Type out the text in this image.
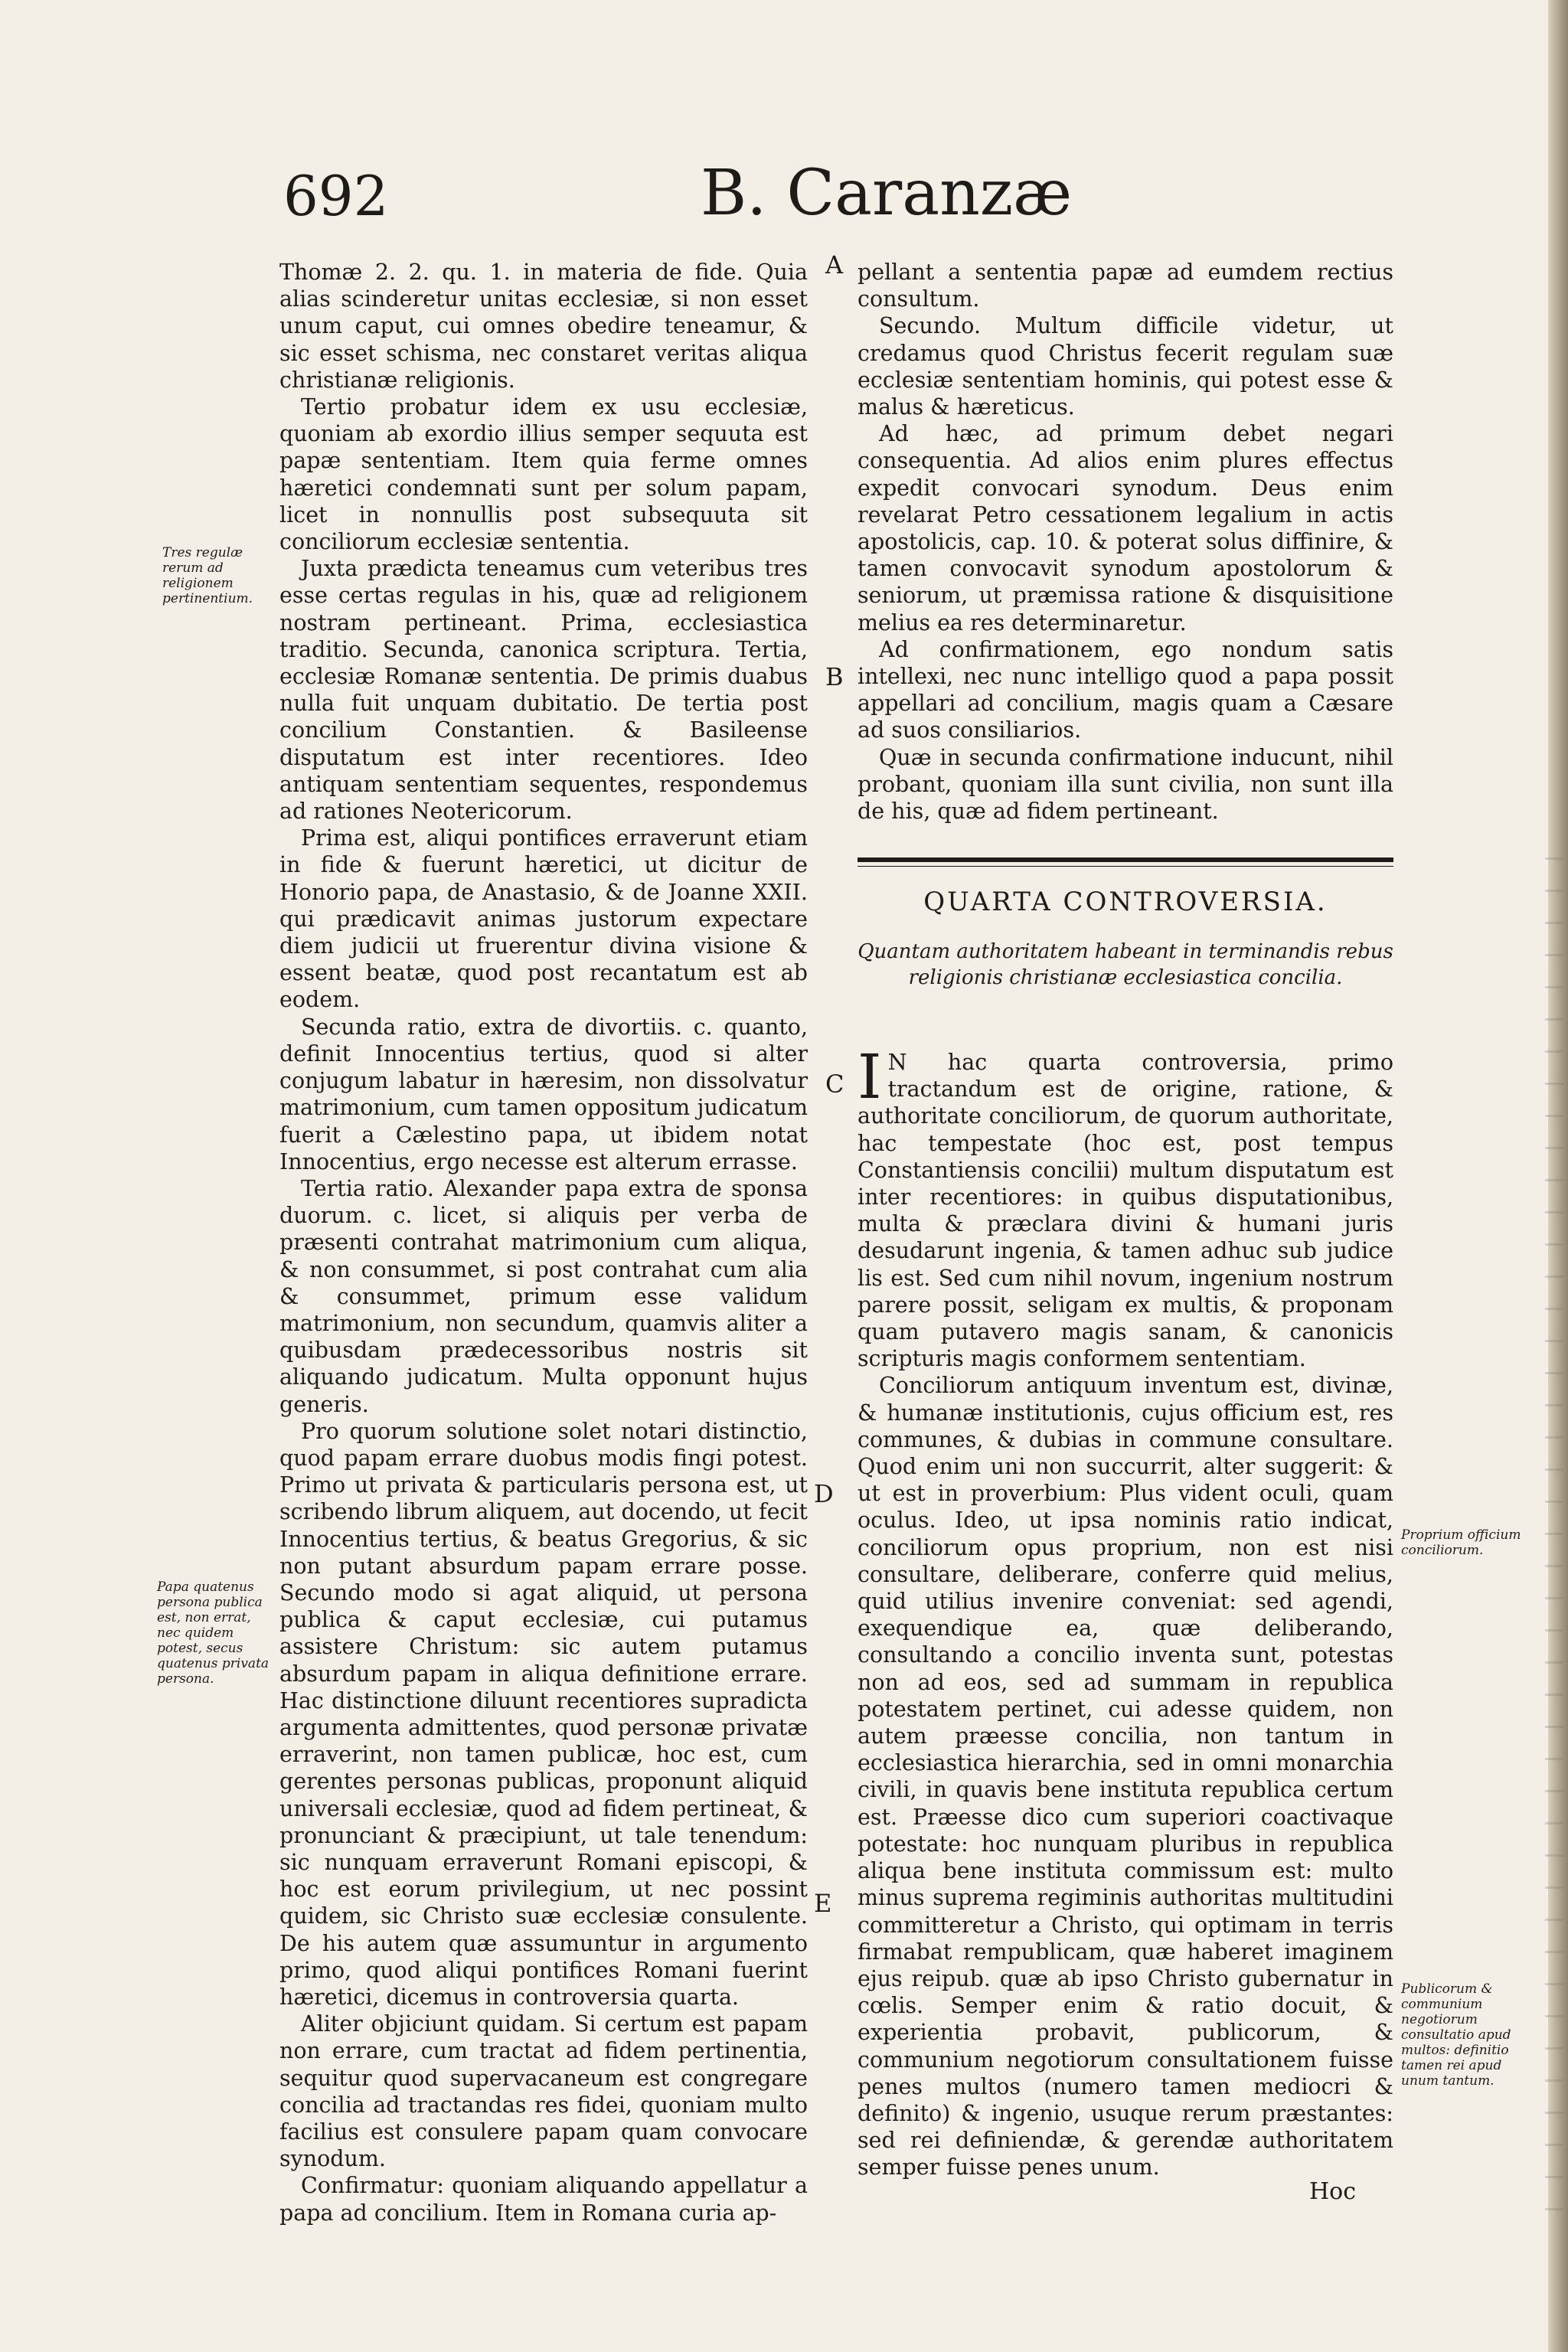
692	B. Caranzæ

Thomæ 2. 2. qu. 1. in materia de fide. Quia alias scinderetur unitas ecclesiæ, si non esset unum caput, cui omnes obedire teneamur, & sic esset schisma, nec constaret veritas aliqua christianæ religionis.

Tertio probatur idem ex usu ecclesiæ, quoniam ab exordio illius semper sequuta est papæ sententiam. Item quia ferme omnes hæretici condemnati sunt per solum papam, licet in nonnullis post subsequuta sit conciliorum ecclesiæ sententia.

Juxta prædicta teneamus cum veteribus tres esse certas regulas in his, quæ ad religionem nostram pertineant. Prima, ecclesiastica traditio. Secunda, canonica scriptura. Tertia, ecclesiæ Romanæ sententia. De primis duabus nulla fuit unquam dubitatio. De tertia post concilium Constantien. & Basileense disputatum est inter recentiores. Ideo antiquam sententiam sequentes, respondemus ad rationes Neotericorum.

Prima est, aliqui pontifices erraverunt etiam in fide & fuerunt hæretici, ut dicitur de Honorio papa, de Anastasio, & de Joanne XXII. qui prædicavit animas justorum expectare diem judicii ut fruerentur divina visione & essent beatæ, quod post recantatum est ab eodem.

Secunda ratio, extra de divortiis. c. quanto, definit Innocentius tertius, quod si alter conjugum labatur in hæresim, non dissolvatur matrimonium, cum tamen oppositum judicatum fuerit a Cælestino papa, ut ibidem notat Innocentius, ergo necesse est alterum errasse.

Tertia ratio. Alexander papa extra de sponsa duorum. c. licet, si aliquis per verba de præsenti contrahat matrimonium cum aliqua, & non consummet, si post contrahat cum alia & consummet, primum esse validum matrimonium, non secundum, quamvis aliter a quibusdam prædecessoribus nostris sit aliquando judicatum. Multa opponunt hujus generis.

Pro quorum solutione solet notari distinctio, quod papam errare duobus modis fingi potest. Primo ut privata & particularis persona est, ut scribendo librum aliquem, aut docendo, ut fecit Innocentius tertius, & beatus Gregorius, & sic non putant absurdum papam errare posse. Secundo modo si agat aliquid, ut persona publica & caput ecclesiæ, cui putamus assistere Christum: sic autem putamus absurdum papam in aliqua definitione errare. Hac distinctione diluunt recentiores supradicta argumenta admittentes, quod personæ privatæ erraverint, non tamen publicæ, hoc est, cum gerentes personas publicas, proponunt aliquid universali ecclesiæ, quod ad fidem pertineat, & pronunciant & præcipiunt, ut tale tenendum: sic nunquam erraverunt Romani episcopi, & hoc est eorum privilegium, ut nec possint quidem, sic Christo suæ ecclesiæ consulente. De his autem quæ assumuntur in argumento primo, quod aliqui pontifices Romani fuerint hæretici, dicemus in controversia quarta.

Aliter objiciunt quidam. Si certum est papam non errare, cum tractat ad fidem pertinentia, sequitur quod supervacaneum est congregare concilia ad tractandas res fidei, quoniam multo facilius est consulere papam quam convocare synodum.

Confirmatur: quoniam aliquando appellatur a papa ad concilium. Item in Romana curia ap-

pellant a sententia papæ ad eumdem rectius consultum.

Secundo. Multum difficile videtur, ut credamus quod Christus fecerit regulam suæ ecclesiæ sententiam hominis, qui potest esse & malus & hæreticus.

Ad hæc, ad primum debet negari consequentia. Ad alios enim plures effectus expedit convocari synodum. Deus enim revelarat Petro cessationem legalium in actis apostolicis, cap. 10. & poterat solus diffinire, & tamen convocavit synodum apostolorum & seniorum, ut præmissa ratione & disquisitione melius ea res determinaretur.

Ad confirmationem, ego nondum satis intellexi, nec nunc intelligo quod a papa possit appellari ad concilium, magis quam a Cæsare ad suos consiliarios.

Quæ in secunda confirmatione inducunt, nihil probant, quoniam illa sunt civilia, non sunt illa de his, quæ ad fidem pertineant.

QUARTA CONTROVERSIA.
Quantam authoritatem habeant in terminandis rebus religionis christianæ ecclesiastica concilia.

I N hac quarta controversia, primo tractandum est de origine, ratione, & authoritate conciliorum, de quorum authoritate, hac tempestate (hoc est, post tempus Constantiensis concilii) multum disputatum est inter recentiores: in quibus disputationibus, multa & præclara divini & humani juris desudarunt ingenia, & tamen adhuc sub judice lis est. Sed cum nihil novum, ingenium nostrum parere possit, seligam ex multis, & proponam quam putavero magis sanam, & canonicis scripturis magis conformem sententiam.

Conciliorum antiquum inventum est, divinæ, & humanæ institutionis, cujus officium est, res communes, & dubias in commune consultare. Quod enim uni non succurrit, alter suggerit: & ut est in proverbium: Plus vident oculi, quam oculus. Ideo, ut ipsa nominis ratio indicat, conciliorum opus proprium, non est nisi consultare, deliberare, conferre quid melius, quid utilius invenire conveniat: sed agendi, exequendique ea, quæ deliberando, consultando a concilio inventa sunt, potestas non ad eos, sed ad summam in republica potestatem pertinet, cui adesse quidem, non autem præesse concilia, non tantum in ecclesiastica hierarchia, sed in omni monarchia civili, in quavis bene instituta republica certum est. Præesse dico cum superiori coactivaque potestate: hoc nunquam pluribus in republica aliqua bene instituta commissum est: multo minus suprema regiminis authoritas multitudini committeretur a Christo, qui optimam in terris firmabat rempublicam, quæ haberet imaginem ejus reipub. quæ ab ipso Christo gubernatur in cœlis. Semper enim & ratio docuit, & experientia probavit, publicorum, & communium negotiorum consultationem fuisse penes multos (numero tamen mediocri & definito) & ingenio, usuque rerum præstantes: sed rei definiendæ, & gerendæ authoritatem semper fuisse penes unum.

A
B
C
D
E
Tres regulæ rerum ad religionem pertinentium.
Papa quatenus persona publica est, non errat, nec quidem potest, secus quatenus privata persona.
Proprium officium conciliorum.
Publicorum & communium negotiorum consultatio apud multos: definitio tamen rei apud unum tantum.
Hoc
